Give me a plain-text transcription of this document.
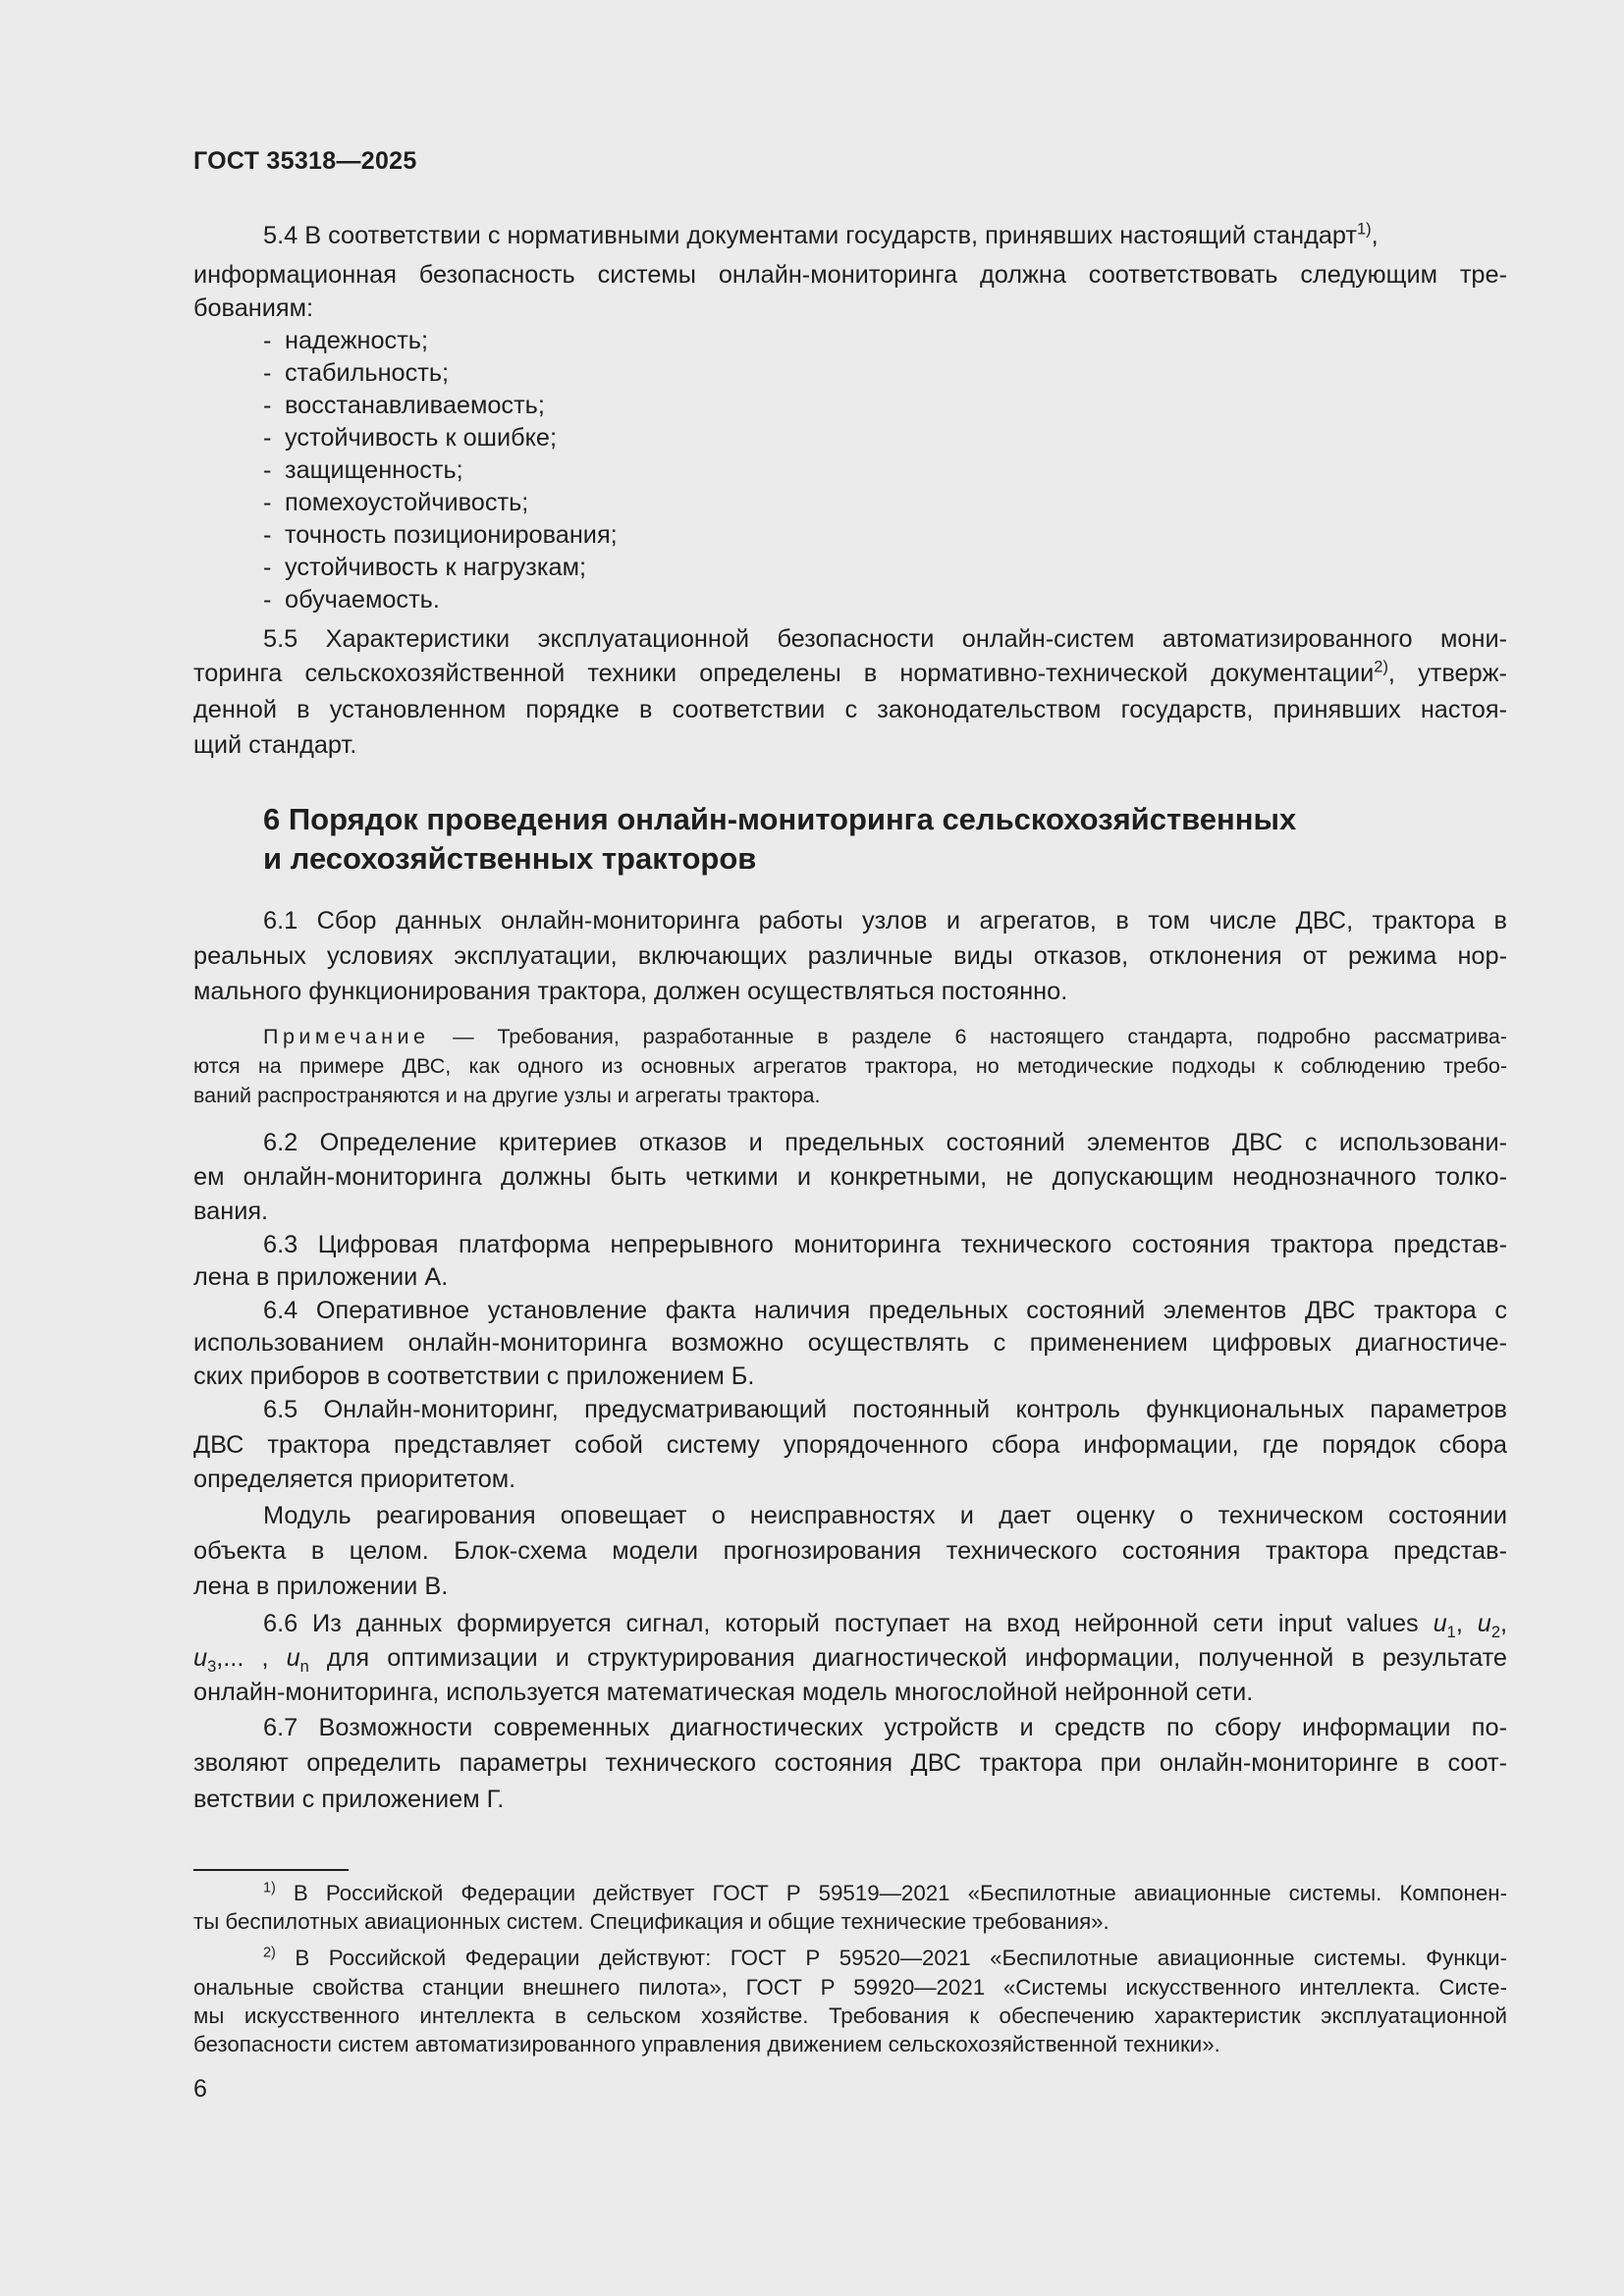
ГОСТ 35318—2025
5.4 В соответствии с нормативными документами государств, принявших настоящий стандарт$^{1)}$,
информационная безопасность системы онлайн-мониторинга должна соответствовать следующим тре-
бованиям:
- надежность;
- стабильность;
- восстанавливаемость;
- устойчивость к ошибке;
- защищенность;
- помехоустойчивость;
- точность позиционирования;
- устойчивость к нагрузкам;
- обучаемость.
5.5 Характеристики эксплуатационной безопасности онлайн-систем автоматизированного мони-
торинга сельскохозяйственной техники определены в нормативно-технической документации$^{2)}$, утверж-
денной в установленном порядке в соответствии с законодательством государств, принявших настоя-
щий стандарт.
6 Порядок проведения онлайн-мониторинга сельскохозяйственных
и лесохозяйственных тракторов
6.1 Сбор данных онлайн-мониторинга работы узлов и агрегатов, в том числе ДВС, трактора в
реальных условиях эксплуатации, включающих различные виды отказов, отклонения от режима нор-
мального функционирования трактора, должен осуществляться постоянно.
Примечание — Требования, разработанные в разделе 6 настоящего стандарта, подробно рассматрива-
ются на примере ДВС, как одного из основных агрегатов трактора, но методические подходы к соблюдению требо-
ваний распространяются и на другие узлы и агрегаты трактора.
6.2 Определение критериев отказов и предельных состояний элементов ДВС с использовани-
ем онлайн-мониторинга должны быть четкими и конкретными, не допускающим неоднозначного толко-
вания.
6.3 Цифровая платформа непрерывного мониторинга технического состояния трактора представ-
лена в приложении А.
6.4 Оперативное установление факта наличия предельных состояний элементов ДВС трактора с
использованием онлайн-мониторинга возможно осуществлять с применением цифровых диагностиче-
ских приборов в соответствии с приложением Б.
6.5 Онлайн-мониторинг, предусматривающий постоянный контроль функциональных параметров
ДВС трактора представляет собой систему упорядоченного сбора информации, где порядок сбора
определяется приоритетом.
Модуль реагирования оповещает о неисправностях и дает оценку о техническом состоянии
объекта в целом. Блок-схема модели прогнозирования технического состояния трактора представ-
лена в приложении В.
6.6 Из данных формируется сигнал, который поступает на вход нейронной сети input values $u_1$, $u_2$,
$u_3$,... , $u_n$ для оптимизации и структурирования диагностической информации, полученной в результате
онлайн-мониторинга, используется математическая модель многослойной нейронной сети.
6.7 Возможности современных диагностических устройств и средств по сбору информации по-
зволяют определить параметры технического состояния ДВС трактора при онлайн-мониторинге в соот-
ветствии с приложением Г.
$^{1)}$ В Российской Федерации действует ГОСТ Р 59519—2021 «Беспилотные авиационные системы. Компонен-
ты беспилотных авиационных систем. Спецификация и общие технические требования».
$^{2)}$ В Российской Федерации действуют: ГОСТ Р 59520—2021 «Беспилотные авиационные системы. Функци-
ональные свойства станции внешнего пилота», ГОСТ Р 59920—2021 «Системы искусственного интеллекта. Систе-
мы искусственного интеллекта в сельском хозяйстве. Требования к обеспечению характеристик эксплуатационной
безопасности систем автоматизированного управления движением сельскохозяйственной техники».
6
